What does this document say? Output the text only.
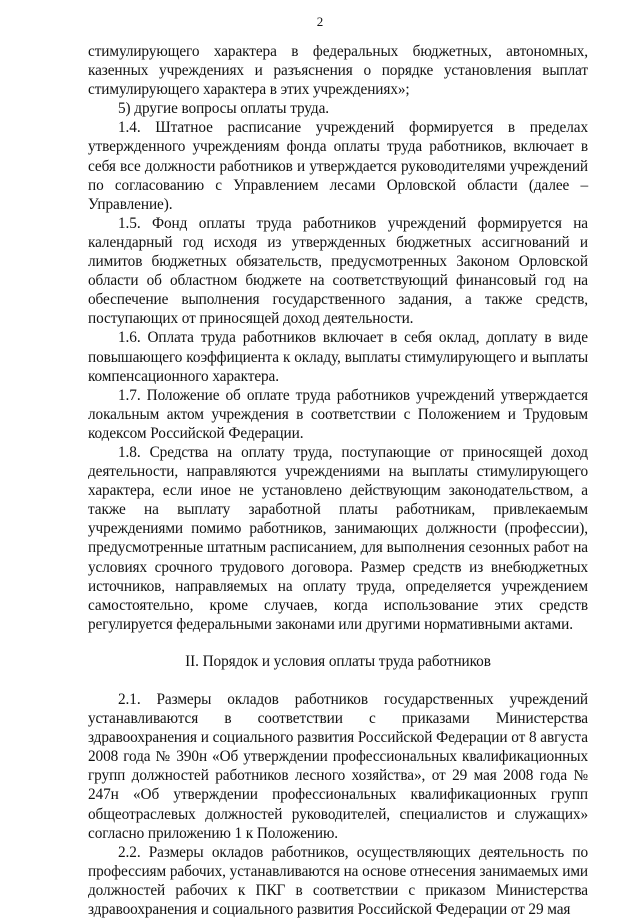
2

стимулирующего характера в федеральных бюджетных, автономных, казенных учреждениях и разъяснения о порядке установления выплат стимулирующего характера в этих учреждениях»;

5) другие вопросы оплаты труда.

1.4. Штатное расписание учреждений формируется в пределах утвержденного учреждениям фонда оплаты труда работников, включает в себя все должности работников и утверждается руководителями учреждений по согласованию с Управлением лесами Орловской области (далее – Управление).

1.5. Фонд оплаты труда работников учреждений формируется на календарный год исходя из утвержденных бюджетных ассигнований и лимитов бюджетных обязательств, предусмотренных Законом Орловской области об областном бюджете на соответствующий финансовый год на обеспечение выполнения государственного задания, а также средств, поступающих от приносящей доход деятельности.

1.6. Оплата труда работников включает в себя оклад, доплату в виде повышающего коэффициента к окладу, выплаты стимулирующего и выплаты компенсационного характера.

1.7. Положение об оплате труда работников учреждений утверждается локальным актом учреждения в соответствии с Положением и Трудовым кодексом Российской Федерации.

1.8. Средства на оплату труда, поступающие от приносящей доход деятельности, направляются учреждениями на выплаты стимулирующего характера, если иное не установлено действующим законодательством, а также на выплату заработной платы работникам, привлекаемым учреждениями помимо работников, занимающих должности (профессии), предусмотренные штатным расписанием, для выполнения сезонных работ на условиях срочного трудового договора. Размер средств из внебюджетных источников, направляемых на оплату труда, определяется учреждением самостоятельно, кроме случаев, когда использование этих средств регулируется федеральными законами или другими нормативными актами.

II. Порядок и условия оплаты труда работников

2.1. Размеры окладов работников государственных учреждений устанавливаются в соответствии с приказами Министерства здравоохранения и социального развития Российской Федерации от 8 августа 2008 года № 390н «Об утверждении профессиональных квалификационных групп должностей работников лесного хозяйства», от 29 мая 2008 года № 247н «Об утверждении профессиональных квалификационных групп общеотраслевых должностей руководителей, специалистов и служащих» согласно приложению 1 к Положению.

2.2. Размеры окладов работников, осуществляющих деятельность по профессиям рабочих, устанавливаются на основе отнесения занимаемых ими должностей рабочих к ПКГ в соответствии с приказом Министерства здравоохранения и социального развития Российской Федерации от 29 мая
